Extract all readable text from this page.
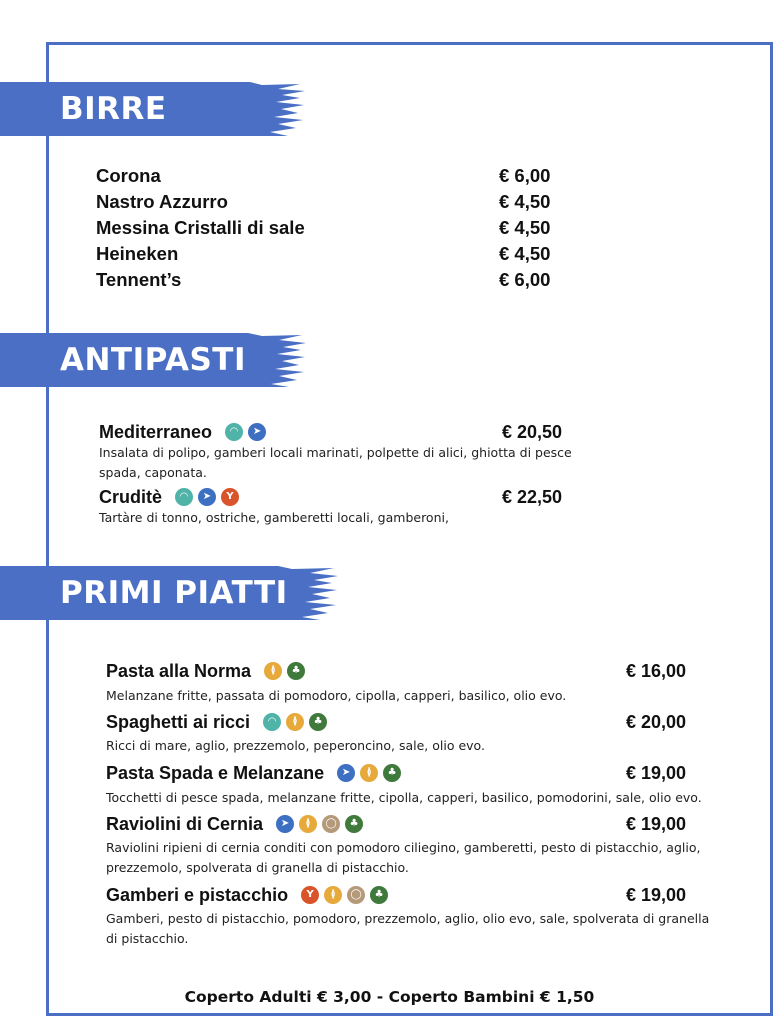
BIRRE
Corona	€ 6,00
Nastro Azzurro	€ 4,50
Messina Cristalli di sale	€ 4,50
Heineken	€ 4,50
Tennent’s	€ 6,00
ANTIPASTI
Mediterraneo	◠	➤	€ 20,50
Insalata di polipo, gamberi locali marinati, polpette di alici, ghiotta di pesce
spada, caponata.
Cruditè	◠	➤	Y	€ 22,50
Tartàre di tonno, ostriche, gamberetti locali, gamberoni,
PRIMI PIATTI
Pasta alla Norma	≬	♣	€ 16,00
Melanzane fritte, passata di pomodoro, cipolla, capperi, basilico, olio evo.
Spaghetti ai ricci	◠	≬	♣	€ 20,00
Ricci di mare, aglio, prezzemolo, peperoncino, sale, olio evo.
Pasta Spada e Melanzane	➤	≬	♣	€ 19,00
Tocchetti di pesce spada, melanzane fritte, cipolla, capperi, basilico, pomodorini, sale, olio evo.
Raviolini di Cernia	➤	≬	◯	♣	€ 19,00
Raviolini ripieni di cernia conditi con pomodoro ciliegino, gamberetti, pesto di pistacchio, aglio,
prezzemolo, spolverata di granella di pistacchio.
Gamberi e pistacchio	Y	≬	◯	♣	€ 19,00
Gamberi, pesto di pistacchio, pomodoro, prezzemolo, aglio, olio evo, sale, spolverata di granella
di pistacchio.
Coperto Adulti € 3,00 - Coperto Bambini € 1,50
